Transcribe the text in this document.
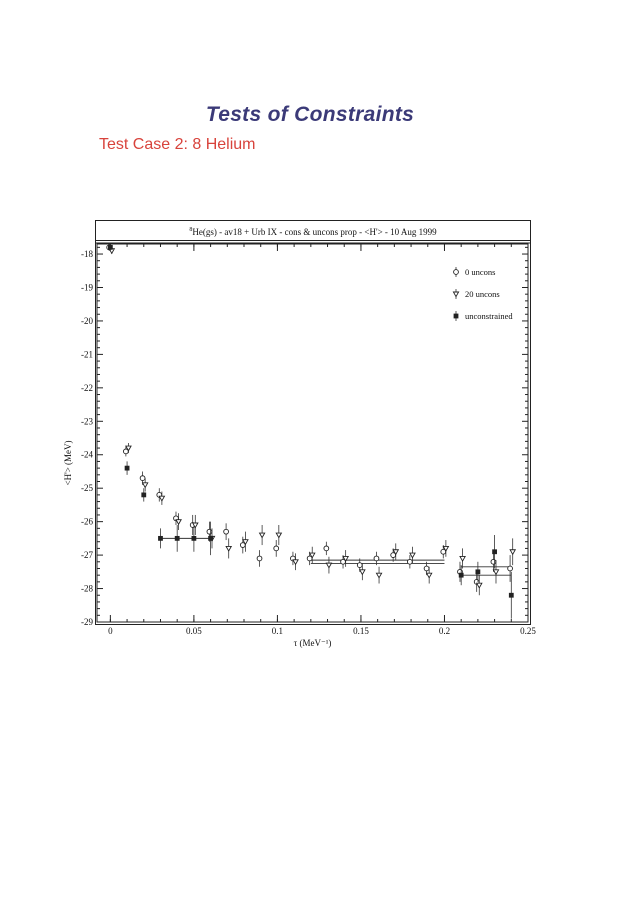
Tests of Constraints
Test Case 2: 8 Helium
$^8$He(gs) - av18 + Urb IX - cons & uncons prop - <H'> - 10 Aug 1999
-18
-19
-20
-21
-22
-23
-24
-25
-26
-27
-28
-29
0	0.05	0.1	0.15	0.2	0.25
0 uncons
20 uncons
unconstrained
τ (MeV⁻¹)
<H'> (MeV)
